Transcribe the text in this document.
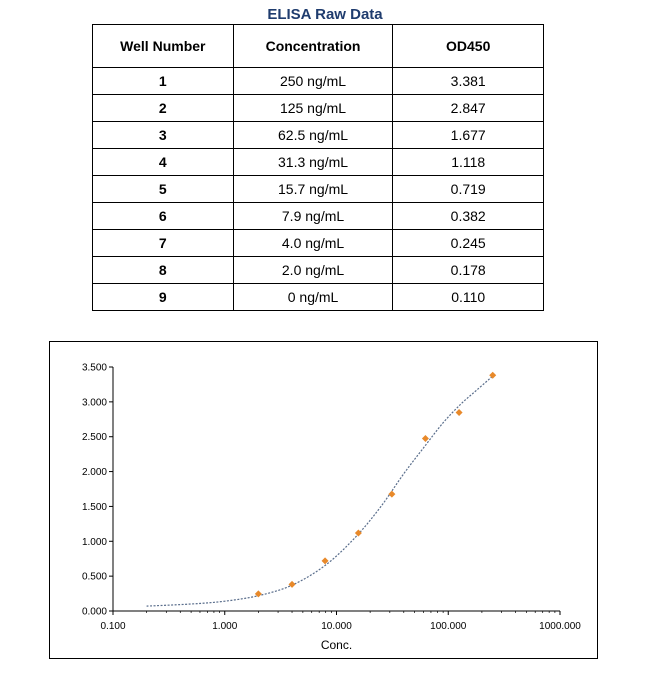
ELISA Raw Data
Well Number	Concentration	OD450
1	250 ng/mL	3.381
2	125 ng/mL	2.847
3	62.5 ng/mL	1.677
4	31.3 ng/mL	1.118
5	15.7 ng/mL	0.719
6	7.9 ng/mL	0.382
7	4.0 ng/mL	0.245
8	2.0 ng/mL	0.178
9	0 ng/mL	0.110
0.000
0.500
1.000
1.500
2.000
2.500
3.000
3.500
0.100	1.000	10.000	100.000	1000.000
Conc.
